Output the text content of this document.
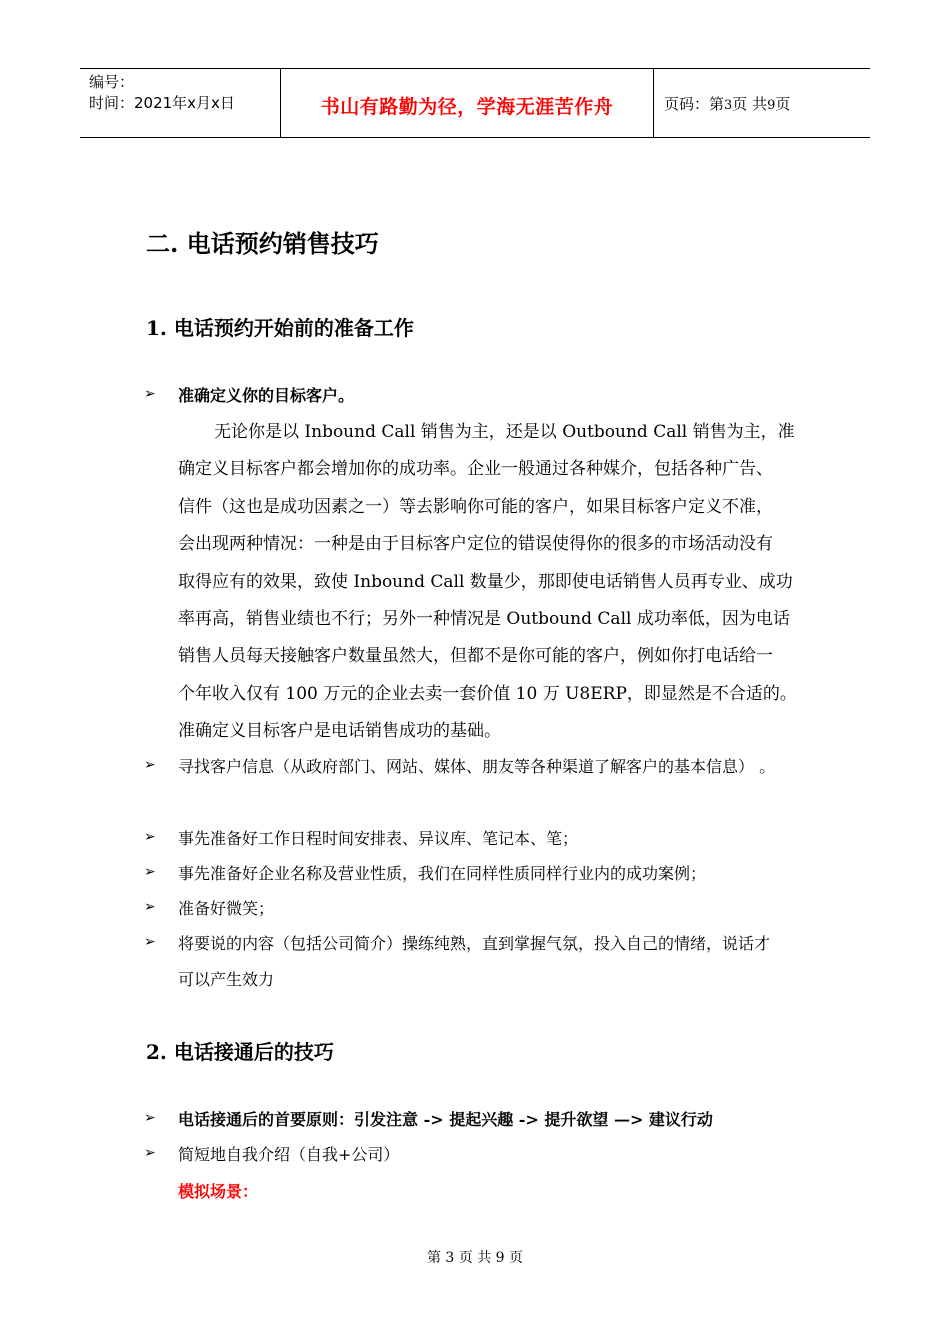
编号：
时间：2021年x月x日	书山有路勤为径，学海无涯苦作舟	页码：第3页 共9页
二. 电话预约销售技巧
1. 电话预约开始前的准备工作
➢ 准确定义你的目标客户。
无论你是以 Inbound Call 销售为主，还是以 Outbound Call 销售为主，准
确定义目标客户都会增加你的成功率。企业一般通过各种媒介，包括各种广告、
信件（这也是成功因素之一）等去影响你可能的客户，如果目标客户定义不准，
会出现两种情况：一种是由于目标客户定位的错误使得你的很多的市场活动没有
取得应有的效果，致使 Inbound Call 数量少，那即使电话销售人员再专业、成功
率再高，销售业绩也不行；另外一种情况是 Outbound Call 成功率低，因为电话
销售人员每天接触客户数量虽然大，但都不是你可能的客户，例如你打电话给一
个年收入仅有 100 万元的企业去卖一套价值 10 万 U8ERP，即显然是不合适的。
准确定义目标客户是电话销售成功的基础。
➢ 寻找客户信息（从政府部门、网站、媒体、朋友等各种渠道了解客户的基本信息） 。
➢ 事先准备好工作日程时间安排表、异议库、笔记本、笔；
➢ 事先准备好企业名称及营业性质，我们在同样性质同样行业内的成功案例；
➢ 准备好微笑；
➢ 将要说的内容（包括公司简介）操练纯熟，直到掌握气氛，投入自己的情绪，说话才
可以产生效力
2. 电话接通后的技巧
➢ 电话接通后的首要原则：引发注意 -> 提起兴趣 -> 提升欲望 —> 建议行动
➢ 简短地自我介绍（自我+公司）
模拟场景：
第 3 页 共 9 页
